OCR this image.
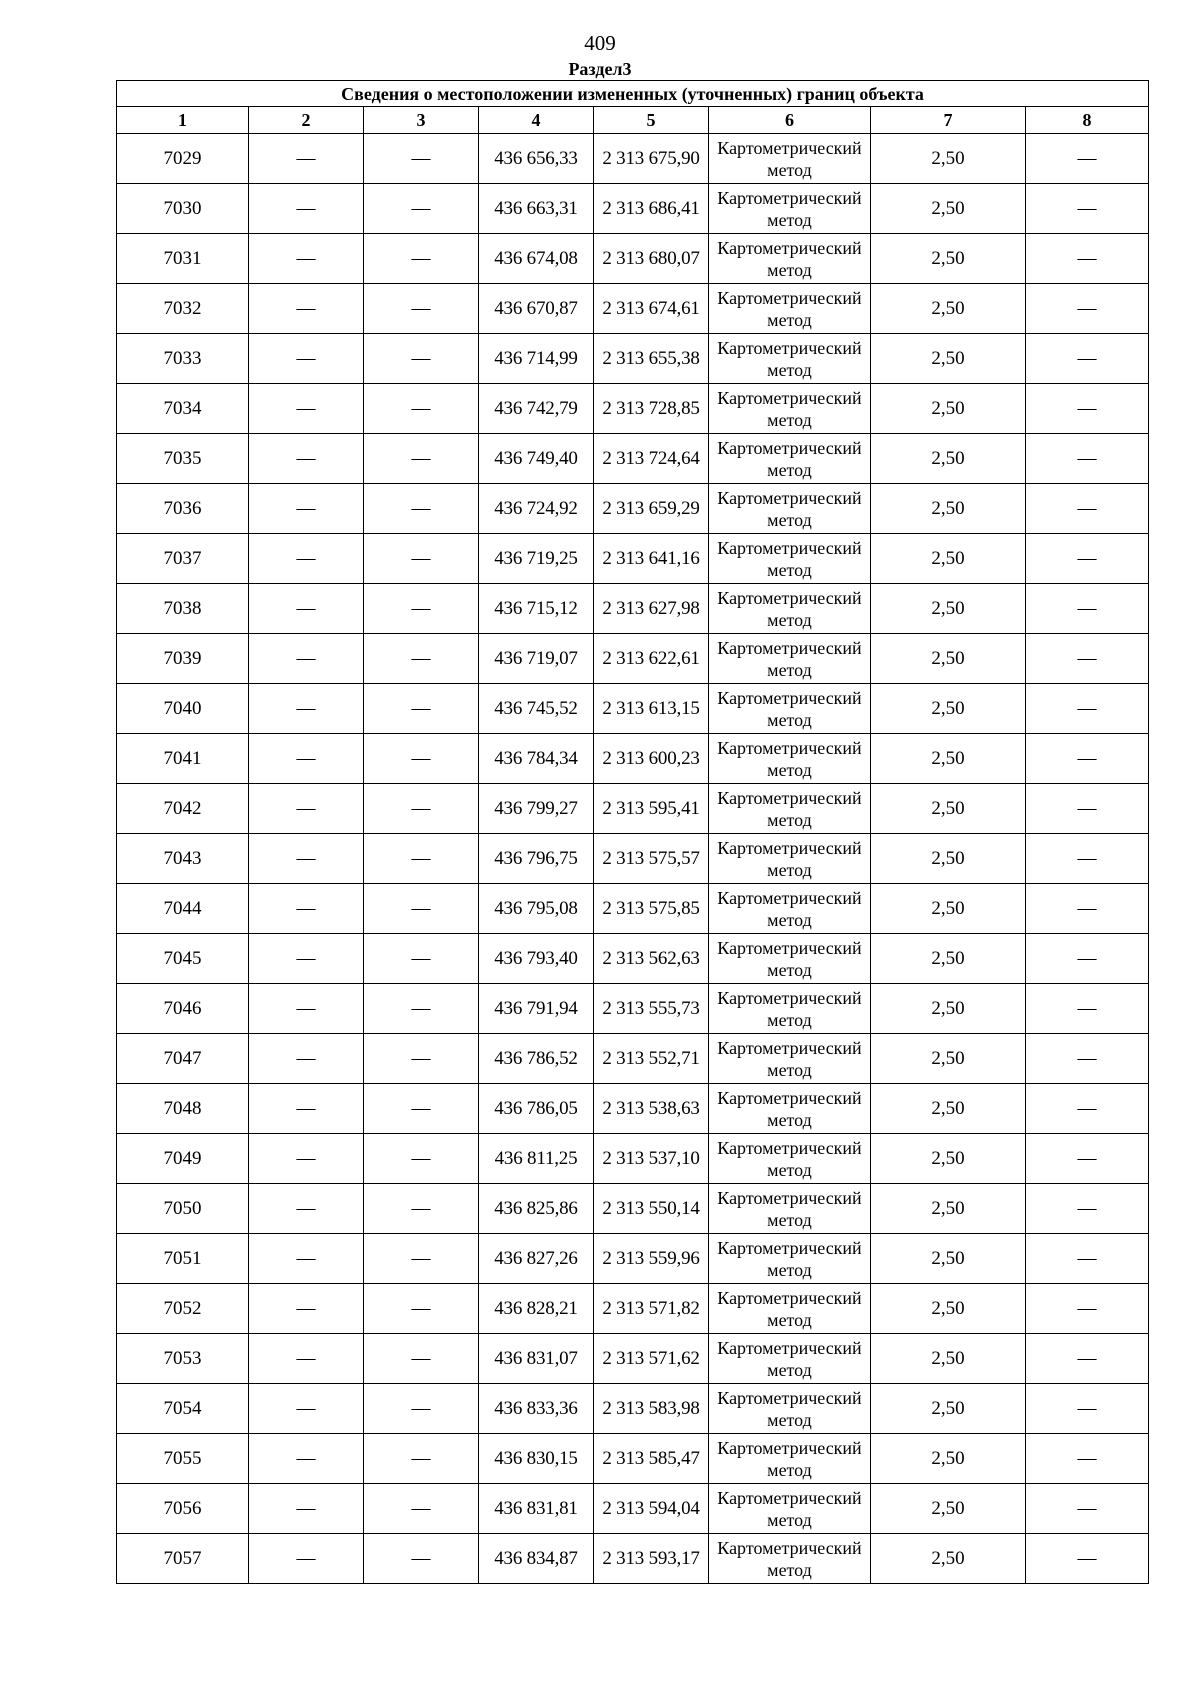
409
Раздел3
Сведения о местоположении измененных (уточненных) границ объекта							
1	2	3	4	5	6	7	8
7029	—	—	436 656,33	2 313 675,90	Картометрический метод	2,50	—
7030	—	—	436 663,31	2 313 686,41	Картометрический метод	2,50	—
7031	—	—	436 674,08	2 313 680,07	Картометрический метод	2,50	—
7032	—	—	436 670,87	2 313 674,61	Картометрический метод	2,50	—
7033	—	—	436 714,99	2 313 655,38	Картометрический метод	2,50	—
7034	—	—	436 742,79	2 313 728,85	Картометрический метод	2,50	—
7035	—	—	436 749,40	2 313 724,64	Картометрический метод	2,50	—
7036	—	—	436 724,92	2 313 659,29	Картометрический метод	2,50	—
7037	—	—	436 719,25	2 313 641,16	Картометрический метод	2,50	—
7038	—	—	436 715,12	2 313 627,98	Картометрический метод	2,50	—
7039	—	—	436 719,07	2 313 622,61	Картометрический метод	2,50	—
7040	—	—	436 745,52	2 313 613,15	Картометрический метод	2,50	—
7041	—	—	436 784,34	2 313 600,23	Картометрический метод	2,50	—
7042	—	—	436 799,27	2 313 595,41	Картометрический метод	2,50	—
7043	—	—	436 796,75	2 313 575,57	Картометрический метод	2,50	—
7044	—	—	436 795,08	2 313 575,85	Картометрический метод	2,50	—
7045	—	—	436 793,40	2 313 562,63	Картометрический метод	2,50	—
7046	—	—	436 791,94	2 313 555,73	Картометрический метод	2,50	—
7047	—	—	436 786,52	2 313 552,71	Картометрический метод	2,50	—
7048	—	—	436 786,05	2 313 538,63	Картометрический метод	2,50	—
7049	—	—	436 811,25	2 313 537,10	Картометрический метод	2,50	—
7050	—	—	436 825,86	2 313 550,14	Картометрический метод	2,50	—
7051	—	—	436 827,26	2 313 559,96	Картометрический метод	2,50	—
7052	—	—	436 828,21	2 313 571,82	Картометрический метод	2,50	—
7053	—	—	436 831,07	2 313 571,62	Картометрический метод	2,50	—
7054	—	—	436 833,36	2 313 583,98	Картометрический метод	2,50	—
7055	—	—	436 830,15	2 313 585,47	Картометрический метод	2,50	—
7056	—	—	436 831,81	2 313 594,04	Картометрический метод	2,50	—
7057	—	—	436 834,87	2 313 593,17	Картометрический метод	2,50	—
